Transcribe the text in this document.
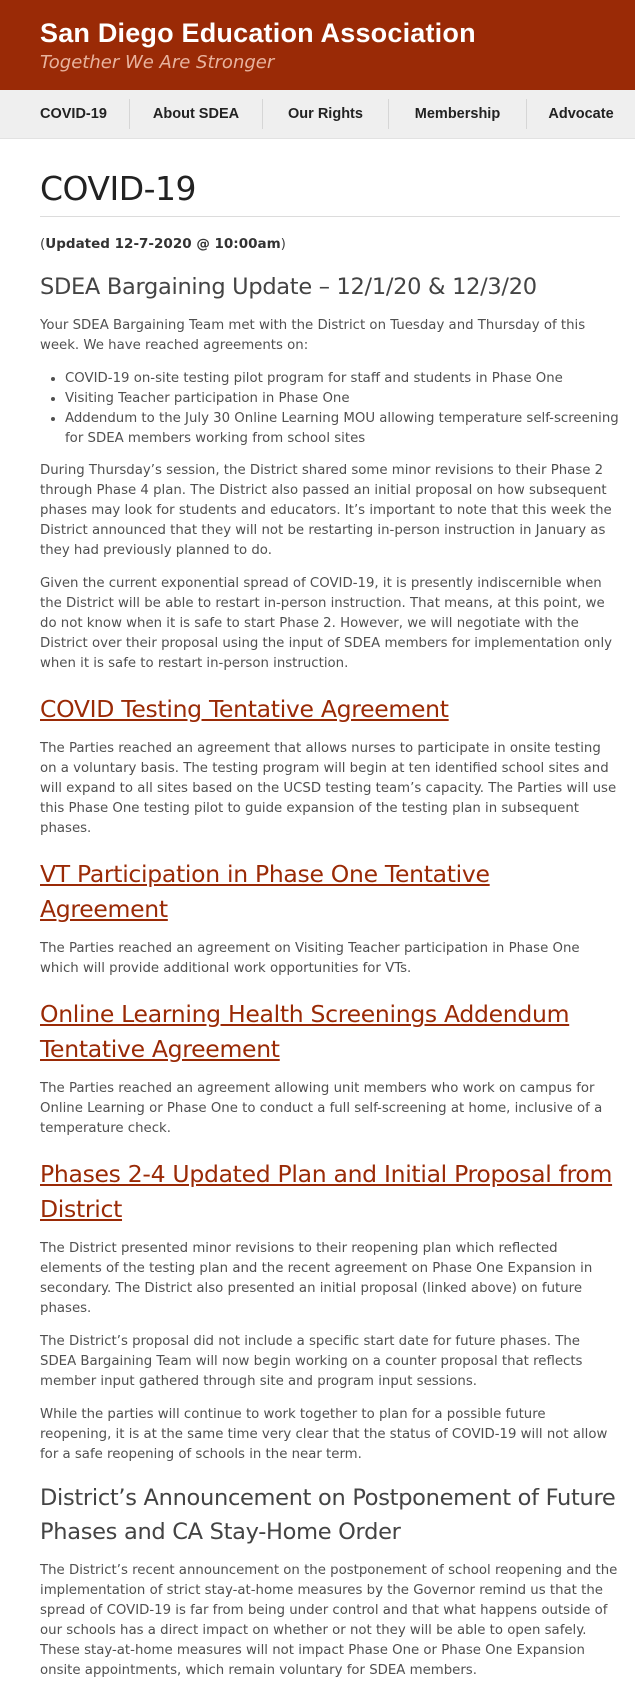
San Diego Education Association
Together We Are Stronger
COVID-19	About SDEA	Our Rights	Membership	Advocate
COVID-19

(Updated 12-7-2020 @ 10:00am)

SDEA Bargaining Update – 12/1/20 & 12/3/20

Your SDEA Bargaining Team met with the District on Tuesday and Thursday of this week. We have reached agreements on:

• COVID-19 on-site testing pilot program for staff and students in Phase One
• Visiting Teacher participation in Phase One
• Addendum to the July 30 Online Learning MOU allowing temperature self-screening for SDEA members working from school sites

During Thursday’s session, the District shared some minor revisions to their Phase 2 through Phase 4 plan. The District also passed an initial proposal on how subsequent phases may look for students and educators. It’s important to note that this week the District announced that they will not be restarting in-person instruction in January as they had previously planned to do.

Given the current exponential spread of COVID-19, it is presently indiscernible when the District will be able to restart in-person instruction. That means, at this point, we do not know when it is safe to start Phase 2. However, we will negotiate with the District over their proposal using the input of SDEA members for implementation only when it is safe to restart in-person instruction.

COVID Testing Tentative Agreement

The Parties reached an agreement that allows nurses to participate in onsite testing on a voluntary basis. The testing program will begin at ten identified school sites and will expand to all sites based on the UCSD testing team’s capacity. The Parties will use this Phase One testing pilot to guide expansion of the testing plan in subsequent phases.

VT Participation in Phase One Tentative Agreement

The Parties reached an agreement on Visiting Teacher participation in Phase One which will provide additional work opportunities for VTs.

Online Learning Health Screenings Addendum Tentative Agreement

The Parties reached an agreement allowing unit members who work on campus for Online Learning or Phase One to conduct a full self-screening at home, inclusive of a temperature check.

Phases 2-4 Updated Plan and Initial Proposal from District

The District presented minor revisions to their reopening plan which reflected elements of the testing plan and the recent agreement on Phase One Expansion in secondary. The District also presented an initial proposal (linked above) on future phases.

The District’s proposal did not include a specific start date for future phases. The SDEA Bargaining Team will now begin working on a counter proposal that reflects member input gathered through site and program input sessions.

While the parties will continue to work together to plan for a possible future reopening, it is at the same time very clear that the status of COVID-19 will not allow for a safe reopening of schools in the near term.

District’s Announcement on Postponement of Future Phases and CA Stay-Home Order

The District’s recent announcement on the postponement of school reopening and the implementation of strict stay-at-home measures by the Governor remind us that the spread of COVID-19 is far from being under control and that what happens outside of our schools has a direct impact on whether or not they will be able to open safely. These stay-at-home measures will not impact Phase One or Phase One Expansion onsite appointments, which remain voluntary for SDEA members.
